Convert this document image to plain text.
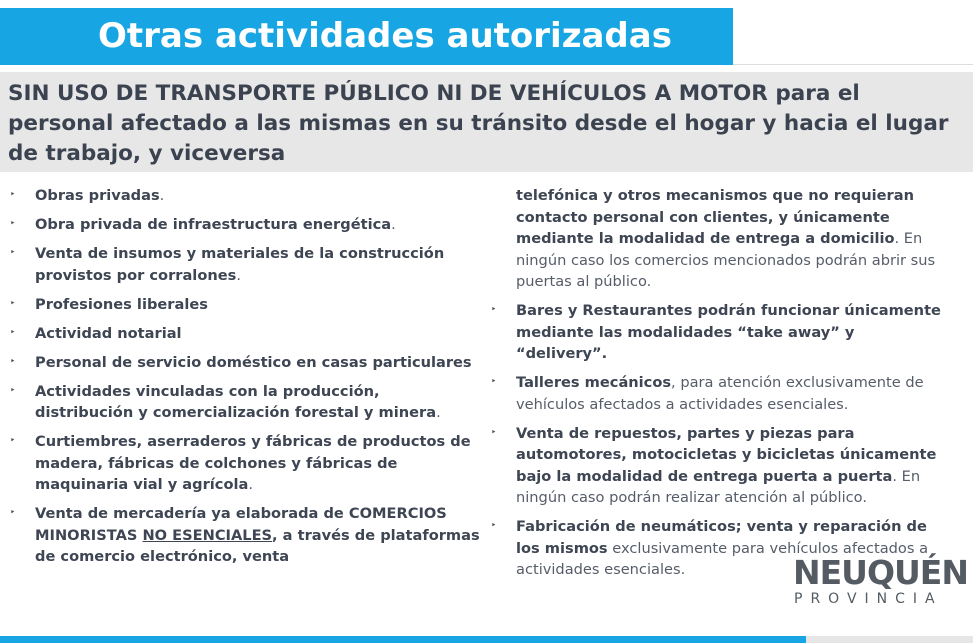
Otras actividades autorizadas
SIN USO DE TRANSPORTE PÚBLICO NI DE VEHÍCULOS A MOTOR para el personal afectado a las mismas en su tránsito desde el hogar y hacia el lugar de trabajo, y viceversa
‣ Obras privadas.
‣ Obra privada de infraestructura energética.
‣ Venta de insumos y materiales de la construcción provistos por corralones.
‣ Profesiones liberales
‣ Actividad notarial
‣ Personal de servicio doméstico en casas particulares
‣ Actividades vinculadas con la producción, distribución y comercialización forestal y minera.
‣ Curtiembres, aserraderos y fábricas de productos de madera, fábricas de colchones y fábricas de maquinaria vial y agrícola.
‣ Venta de mercadería ya elaborada de COMERCIOS MINORISTAS NO ESENCIALES, a través de plataformas de comercio electrónico, venta
telefónica y otros mecanismos que no requieran contacto personal con clientes, y únicamente mediante la modalidad de entrega a domicilio. En ningún caso los comercios mencionados podrán abrir sus puertas al público.
‣ Bares y Restaurantes podrán funcionar únicamente mediante las modalidades “take away” y “delivery”.
‣ Talleres mecánicos, para atención exclusivamente de vehículos afectados a actividades esenciales.
‣ Venta de repuestos, partes y piezas para automotores, motocicletas y bicicletas únicamente bajo la modalidad de entrega puerta a puerta. En ningún caso podrán realizar atención al público.
‣ Fabricación de neumáticos; venta y reparación de los mismos exclusivamente para vehículos afectados a actividades esenciales.	NEUQUÉN
PROVINCIA
